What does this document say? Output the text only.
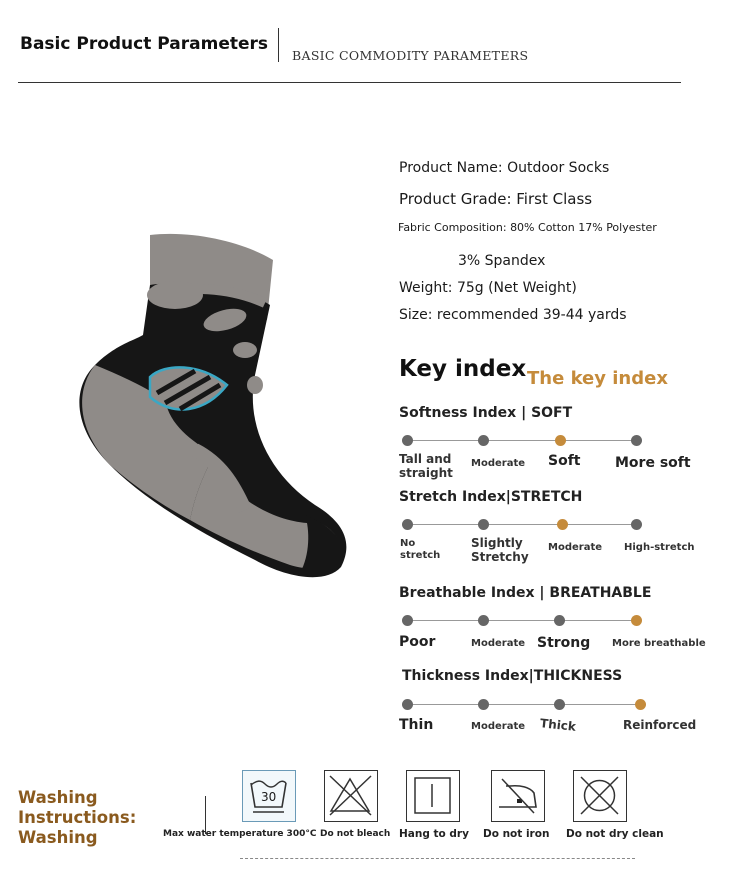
Basic Product Parameters
BASIC COMMODITY PARAMETERS
Product Name: Outdoor Socks
Product Grade: First Class
Fabric Composition: 80% Cotton 17% Polyester
3% Spandex
Weight: 75g (Net Weight)
Size: recommended 39-44 yards
Key index The key index
Softness Index | SOFT
Tall and straight
Moderate Soft More soft
Stretch Index|STRETCH
No stretch
Slightly Stretchy
Moderate High-stretch
Breathable Index | BREATHABLE
Poor	Moderate Strong More breathable
Thickness Index|THICKNESS
Thin	Moderate Thick	Reinforced
Washing
Instructions:
Washing
30
Max water temperature 300°C Do not bleach Hang to dry Do not iron Do not dry clean
